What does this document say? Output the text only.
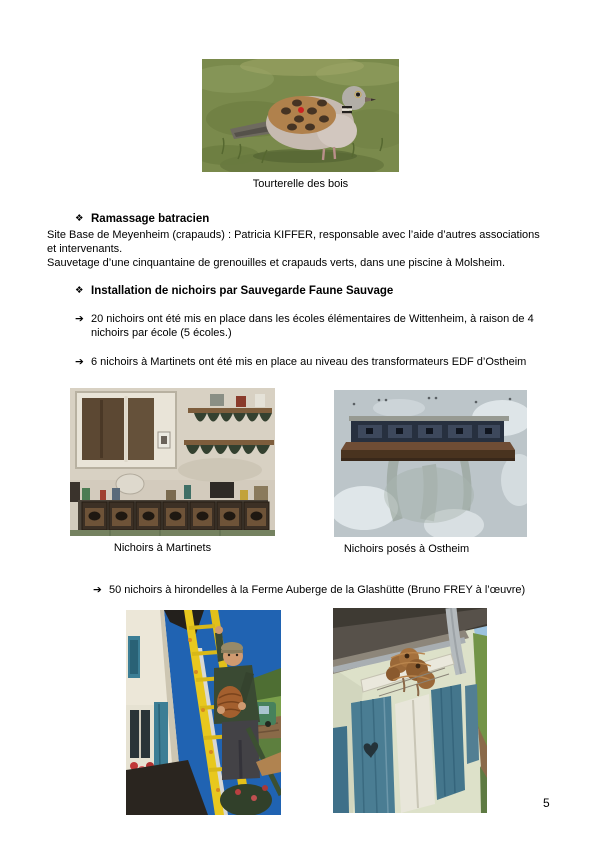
Tourterelle des bois
❖ Ramassage batracien
Site Base de Meyenheim (crapauds) : Patricia KIFFER, responsable avec l’aide d’autres associations
et intervenants.
Sauvetage d’une cinquantaine de grenouilles et crapauds verts, dans une piscine à Molsheim.
❖ Installation de nichoirs par Sauvegarde Faune Sauvage
➔ 20 nichoirs ont été mis en place dans les écoles élémentaires de Wittenheim, à raison de 4
nichoirs par école (5 écoles.)
➔ 6 nichoirs à Martinets ont été mis en place au niveau des transformateurs EDF d’Ostheim
Nichoirs à Martinets	Nichoirs posés à Ostheim
➔ 50 nichoirs à hirondelles à la Ferme Auberge de la Glashütte (Bruno FREY à l’œuvre)
5
